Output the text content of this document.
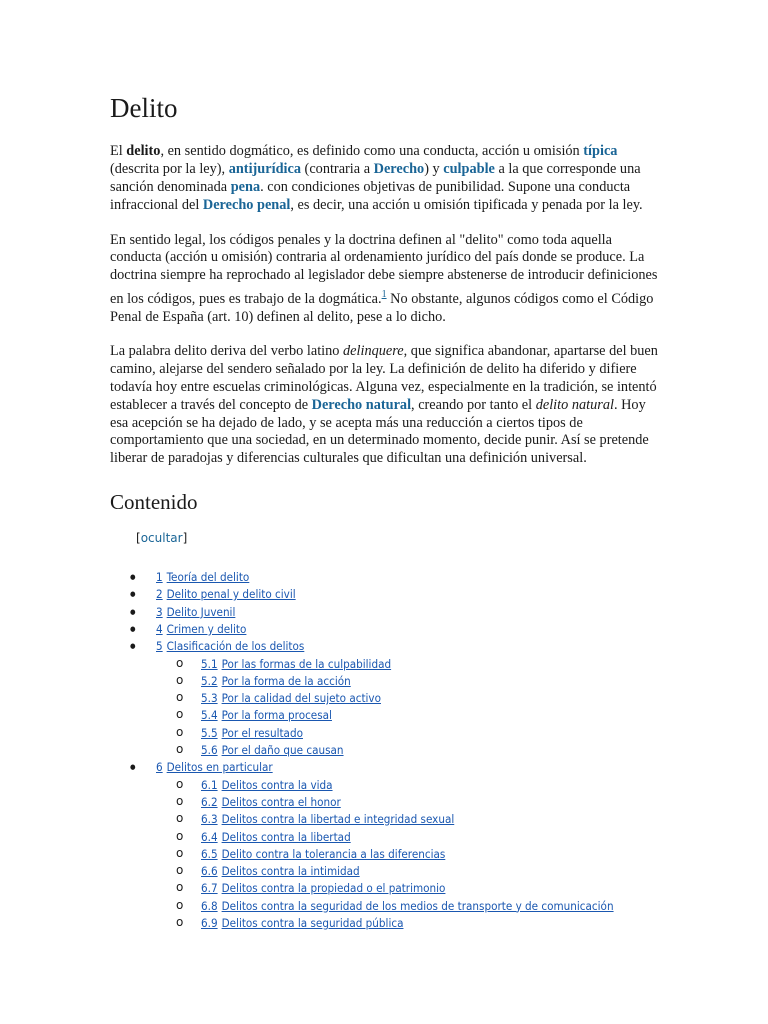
Delito

El delito, en sentido dogmático, es definido como una conducta, acción u omisión típica (descrita por la ley), antijurídica (contraria a Derecho) y culpable a la que corresponde una sanción denominada pena. con condiciones objetivas de punibilidad. Supone una conducta infraccional del Derecho penal, es decir, una acción u omisión tipificada y penada por la ley.

En sentido legal, los códigos penales y la doctrina definen al "delito" como toda aquella conducta (acción u omisión) contraria al ordenamiento jurídico del país donde se produce. La doctrina siempre ha reprochado al legislador debe siempre abstenerse de introducir definiciones en los códigos, pues es trabajo de la dogmática.$^1$ No obstante, algunos códigos como el Código Penal de España (art. 10) definen al delito, pese a lo dicho.

La palabra delito deriva del verbo latino delinquere, que significa abandonar, apartarse del buen camino, alejarse del sendero señalado por la ley. La definición de delito ha diferido y difiere todavía hoy entre escuelas criminológicas. Alguna vez, especialmente en la tradición, se intentó establecer a través del concepto de Derecho natural, creando por tanto el delito natural. Hoy esa acepción se ha dejado de lado, y se acepta más una reducción a ciertos tipos de comportamiento que una sociedad, en un determinado momento, decide punir. Así se pretende liberar de paradojas y diferencias culturales que dificultan una definición universal.

Contenido
[ocultar]
● 1 Teoría del delito
● 2 Delito penal y delito civil
● 3 Delito Juvenil
● 4 Crimen y delito
● 5 Clasificación de los delitos
o 5.1 Por las formas de la culpabilidad
o 5.2 Por la forma de la acción
o 5.3 Por la calidad del sujeto activo
o 5.4 Por la forma procesal
o 5.5 Por el resultado
o 5.6 Por el daño que causan
● 6 Delitos en particular
o 6.1 Delitos contra la vida
o 6.2 Delitos contra el honor
o 6.3 Delitos contra la libertad e integridad sexual
o 6.4 Delitos contra la libertad
o 6.5 Delito contra la tolerancia a las diferencias
o 6.6 Delitos contra la intimidad
o 6.7 Delitos contra la propiedad o el patrimonio
o 6.8 Delitos contra la seguridad de los medios de transporte y de comunicación
o 6.9 Delitos contra la seguridad pública
